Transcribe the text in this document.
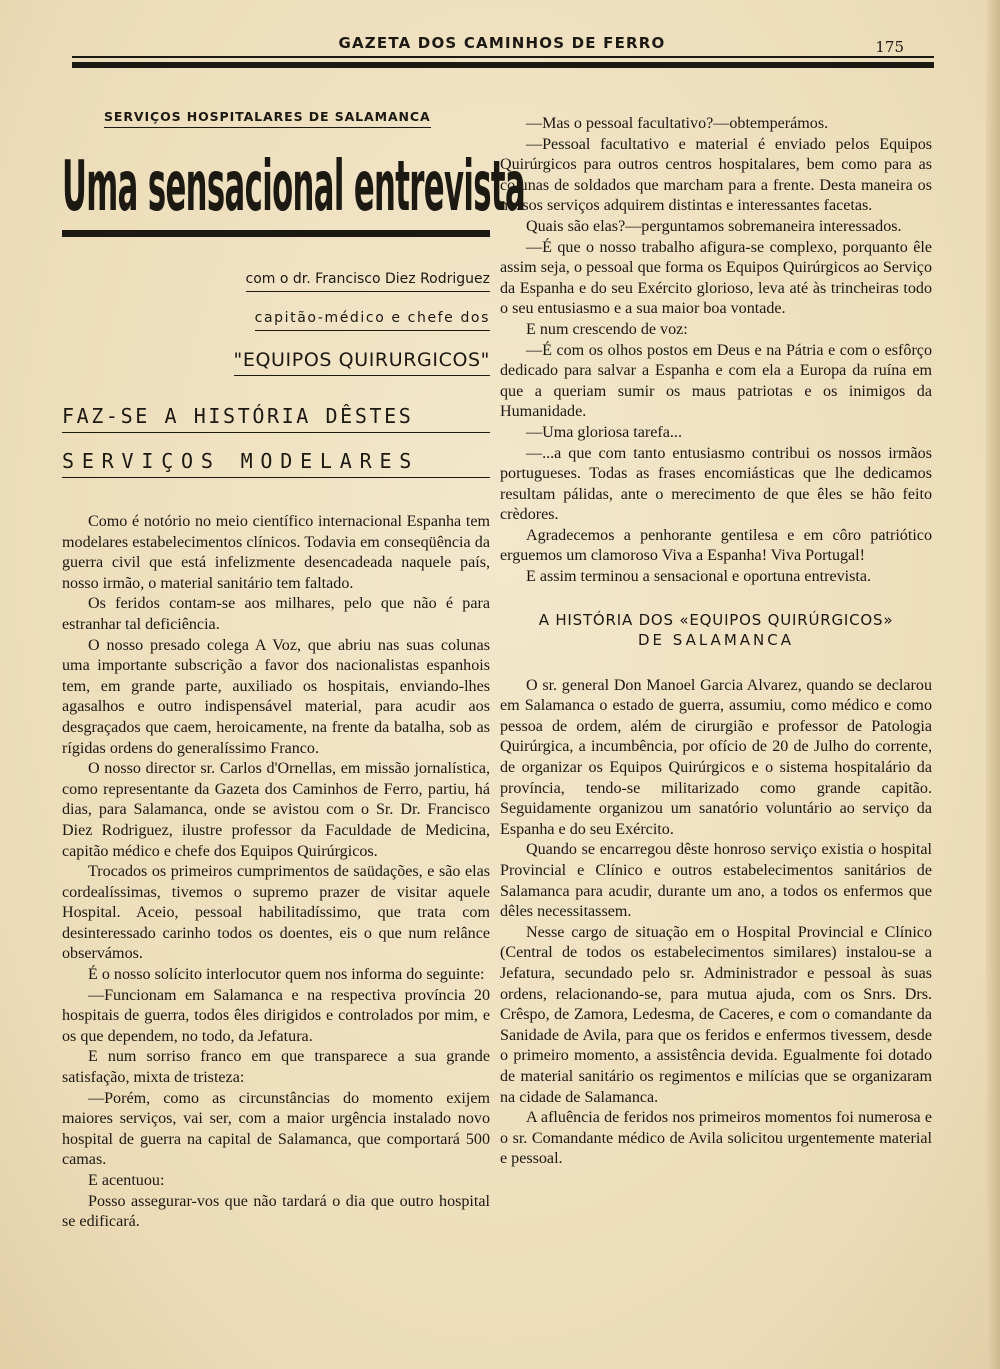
GAZETA DOS CAMINHOS DE FERRO	175
SERVIÇOS HOSPITALARES DE SALAMANCA
Uma sensacional entrevista
com o dr. Francisco Diez Rodriguez
capitão-médico e chefe dos
"EQUIPOS QUIRURGICOS"
FAZ-SE A HISTÓRIA DÊSTES
SERVIÇOS MODELARES

Como é notório no meio científico internacional Espanha tem modelares estabelecimentos clínicos. Todavia em conseqüência da guerra civil que está infelizmente desencadeada naquele país, nosso irmão, o material sanitário tem faltado.

Os feridos contam-se aos milhares, pelo que não é para estranhar tal deficiência.

O nosso presado colega A Voz, que abriu nas suas colunas uma importante subscrição a favor dos nacionalistas espanhois tem, em grande parte, auxiliado os hospitais, enviando-lhes agasalhos e outro indispensável material, para acudir aos desgraçados que caem, heroicamente, na frente da batalha, sob as rígidas ordens do generalíssimo Franco.

O nosso director sr. Carlos d'Ornellas, em missão jornalística, como representante da Gazeta dos Caminhos de Ferro, partiu, há dias, para Salamanca, onde se avistou com o Sr. Dr. Francisco Diez Rodriguez, ilustre professor da Faculdade de Medicina, capitão médico e chefe dos Equipos Quirúrgicos.

Trocados os primeiros cumprimentos de saüdações, e são elas cordealíssimas, tivemos o supremo prazer de visitar aquele Hospital. Aceio, pessoal habilitadíssimo, que trata com desinteressado carinho todos os doentes, eis o que num relânce observámos.

É o nosso solícito interlocutor quem nos informa do seguinte:

—Funcionam em Salamanca e na respectiva província 20 hospitais de guerra, todos êles dirigidos e controlados por mim, e os que dependem, no todo, da Jefatura.

E num sorriso franco em que transparece a sua grande satisfação, mixta de tristeza:

—Porém, como as circunstâncias do momento exijem maiores serviços, vai ser, com a maior urgência instalado novo hospital de guerra na capital de Salamanca, que comportará 500 camas.

E acentuou:

Posso assegurar-vos que não tardará o dia que outro hospital se edificará.

—Mas o pessoal facultativo?—obtemperámos.

—Pessoal facultativo e material é enviado pelos Equipos Quirúrgicos para outros centros hospitalares, bem como para as colunas de soldados que marcham para a frente. Desta maneira os nossos serviços adquirem distintas e interessantes facetas.

Quais são elas?—perguntamos sobremaneira interessados.

—É que o nosso trabalho afigura-se complexo, porquanto êle assim seja, o pessoal que forma os Equipos Quirúrgicos ao Serviço da Espanha e do seu Exército glorioso, leva até às trincheiras todo o seu entusiasmo e a sua maior boa vontade.

E num crescendo de voz:

—É com os olhos postos em Deus e na Pátria e com o esfôrço dedicado para salvar a Espanha e com ela a Europa da ruína em que a queriam sumir os maus patriotas e os inimigos da Humanidade.

—Uma gloriosa tarefa...

—...a que com tanto entusiasmo contribui os nossos irmãos portugueses. Todas as frases encomiásticas que lhe dedicamos resultam pálidas, ante o merecimento de que êles se hão feito crèdores.

Agradecemos a penhorante gentilesa e em côro patriótico erguemos um clamoroso Viva a Espanha! Viva Portugal!

E assim terminou a sensacional e oportuna entrevista.

A HISTÓRIA DOS «EQUIPOS QUIRÚRGICOS»
DE SALAMANCA

O sr. general Don Manoel Garcia Alvarez, quando se declarou em Salamanca o estado de guerra, assumiu, como médico e como pessoa de ordem, além de cirurgião e professor de Patologia Quirúrgica, a incumbência, por ofício de 20 de Julho do corrente, de organizar os Equipos Quirúrgicos e o sistema hospitalário da província, tendo-se militarizado como grande capitão. Seguidamente organizou um sanatório voluntário ao serviço da Espanha e do seu Exército.

Quando se encarregou dêste honroso serviço existia o hospital Provincial e Clínico e outros estabelecimentos sanitários de Salamanca para acudir, durante um ano, a todos os enfermos que dêles necessitassem.

Nesse cargo de situação em o Hospital Provincial e Clínico (Central de todos os estabelecimentos similares) instalou-se a Jefatura, secundado pelo sr. Administrador e pessoal às suas ordens, relacionando-se, para mutua ajuda, com os Snrs. Drs. Crêspo, de Zamora, Ledesma, de Caceres, e com o comandante da Sanidade de Avila, para que os feridos e enfermos tivessem, desde o primeiro momento, a assistência devida. Egualmente foi dotado de material sanitário os regimentos e milícias que se organizaram na cidade de Salamanca.

A afluência de feridos nos primeiros momentos foi numerosa e o sr. Comandante médico de Avila solicitou urgentemente material e pessoal.
